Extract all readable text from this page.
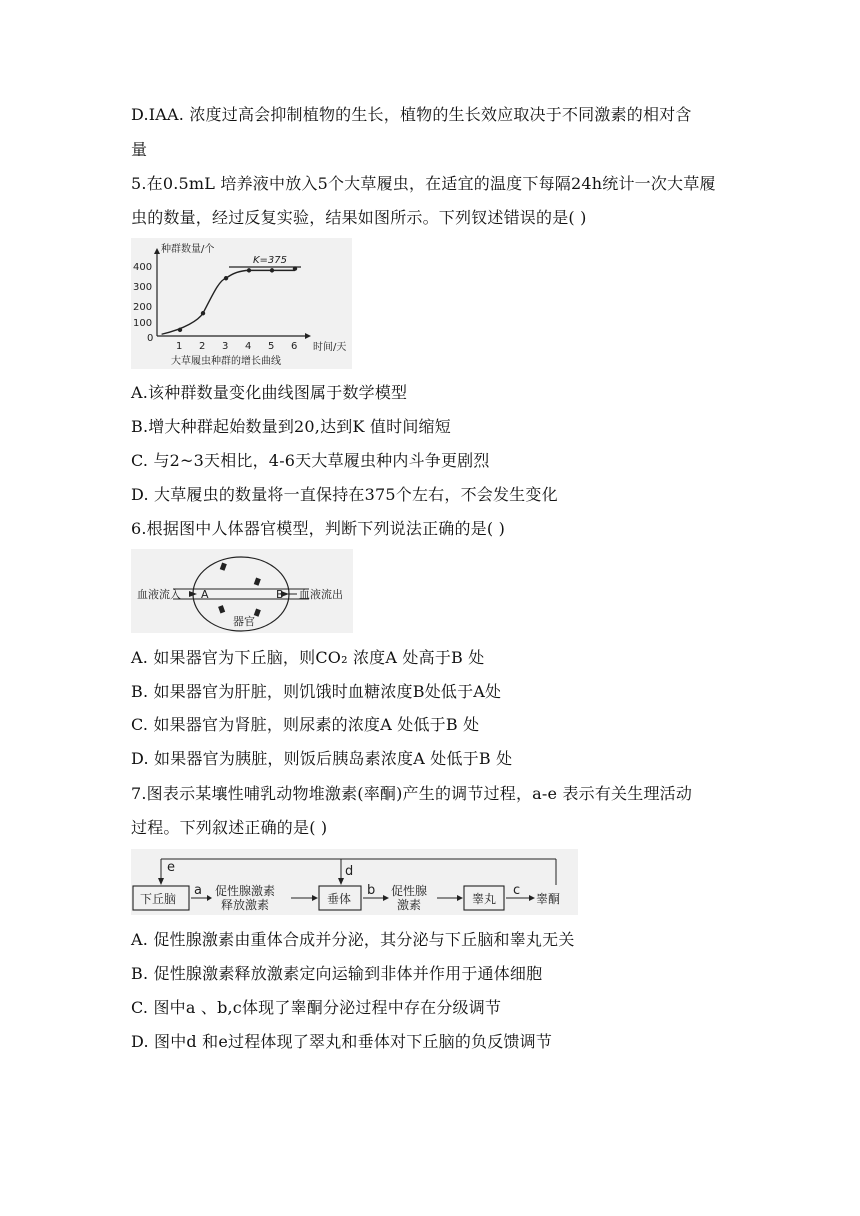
D.IAA. 浓度过高会抑制植物的生长，植物的生长效应取决于不同激素的相对含
量
5.在0.5mL 培养液中放入5个大草履虫，在适宜的温度下每隔24h统计一次大草履
虫的数量，经过反复实验，结果如图所示。下列钗述错误的是( )
种群数量/个
时间/天
400
300
200
100
0
1 2 3 4 5 6
K=375
大草履虫种群的增长曲线
A.该种群数量变化曲线图属于数学模型
B.增大种群起始数量到20,达到K 值时间缩短
C. 与2~3天相比，4-6天大草履虫种内斗争更剧烈
D. 大草履虫的数量将一直保持在375个左右，不会发生变化
6.根据图中人体器官模型，判断下列说法正确的是( )
血液流入 A	B 血液流出
器官
A. 如果器官为下丘脑，则CO₂ 浓度A 处高于B 处
B. 如果器官为肝脏，则饥饿时血糖浓度B处低于A处
C. 如果器官为肾脏，则尿素的浓度A 处低于B 处
D. 如果器官为胰脏，则饭后胰岛素浓度A 处低于B 处
7.图表示某壤性哺乳动物堆激素(率酮)产生的调节过程，a-e 表示有关生理活动
过程。下列叙述正确的是( )
e	d
下丘脑
a 促性腺激素
释放激素	垂体
b 促性腺
激素	睾丸
c
睾酮
A. 促性腺激素由重体合成并分泌，其分泌与下丘脑和睾丸无关
B. 促性腺激素释放激素定向运输到非体并作用于通体细胞
C. 图中a 、b,c体现了睾酮分泌过程中存在分级调节
D. 图中d 和e过程体现了翠丸和垂体对下丘脑的负反馈调节
